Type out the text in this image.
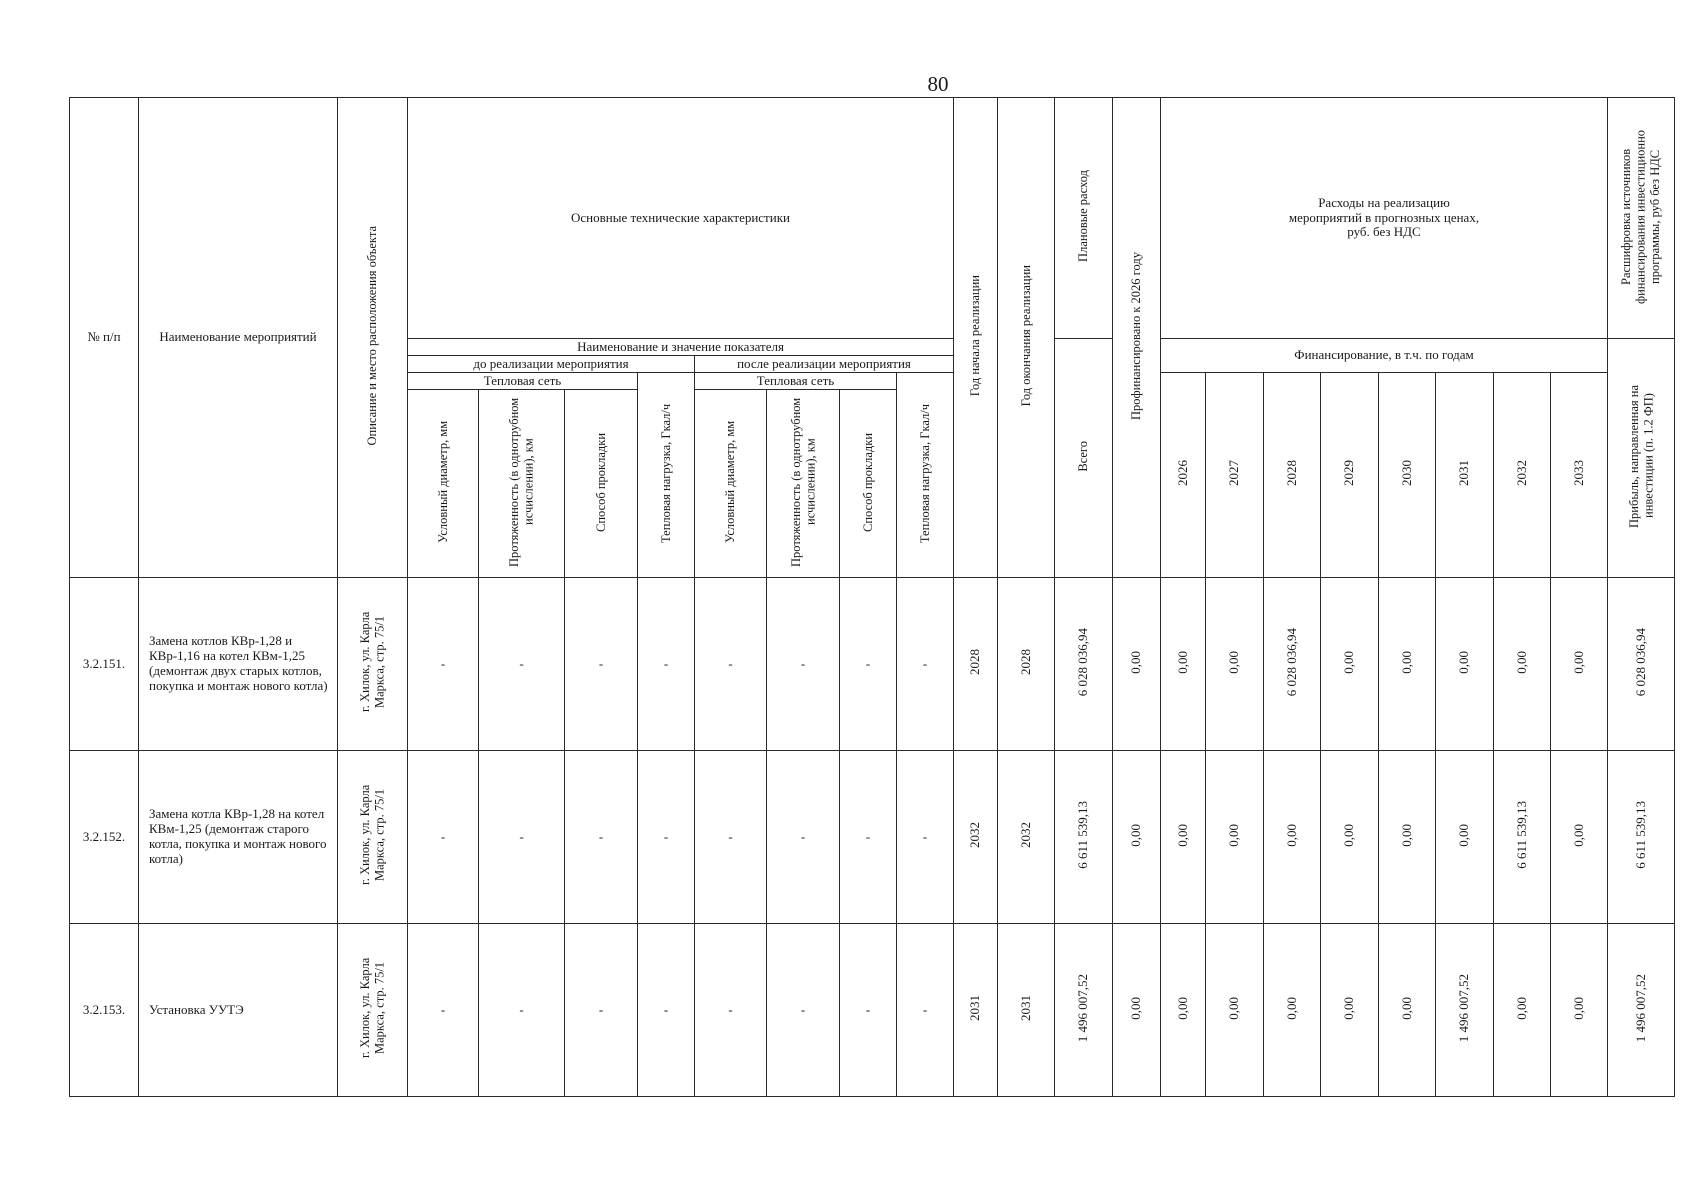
80
№ п/п	Наименование мероприятий	Описание и место расположения объекта	Основные технические характеристики								Год начала реализации	Год окончания реализации	Плановые расход	Профинансировано к 2026 году	Расходы на реализацию мероприятий в прогнозных ценах, руб. без НДС								Расшифровка источников финансирования инвестиционно программы, руб без НДС
			Наименование и значение показателя										Всего		Финансирование, в т.ч. по годам								Прибыль, направленная на инвестиции (п. 1.2 ФП)
			до реализации мероприятия				после реализации мероприятия																
			Тепловая сеть			Тепловая нагрузка, Гкал/ч	Тепловая сеть			Тепловая нагрузка, Гкал/ч					2026	2027	2028	2029	2030	2031	2032	2033	
			Условный диаметр, мм	Протяженность (в однотрубном исчислении), км	Способ прокладки		Условный диаметр, мм	Протяженность (в однотрубном исчислении), км	Способ прокладки														
3.2.151.	Замена котлов КВр-1,28 и КВр-1,16 на котел КВм-1,25 (демонтаж двух старых котлов, покупка и монтаж нового котла)	г. Хилок, ул. Карла Маркса, стр. 75/1	-	-	-	-	-	-	-	-	2028	2028	6 028 036,94	0,00	0,00	0,00	6 028 036,94	0,00	0,00	0,00	0,00	0,00	6 028 036,94
3.2.152.	Замена котла КВр-1,28 на котел КВм-1,25 (демонтаж старого котла, покупка и монтаж нового котла)	г. Хилок, ул. Карла Маркса, стр. 75/1	-	-	-	-	-	-	-	-	2032	2032	6 611 539,13	0,00	0,00	0,00	0,00	0,00	0,00	0,00	6 611 539,13	0,00	6 611 539,13
3.2.153.	Установка УУТЭ	г. Хилок, ул. Карла Маркса, стр. 75/1	-	-	-	-	-	-	-	-	2031	2031	1 496 007,52	0,00	0,00	0,00	0,00	0,00	0,00	1 496 007,52	0,00	0,00	1 496 007,52
